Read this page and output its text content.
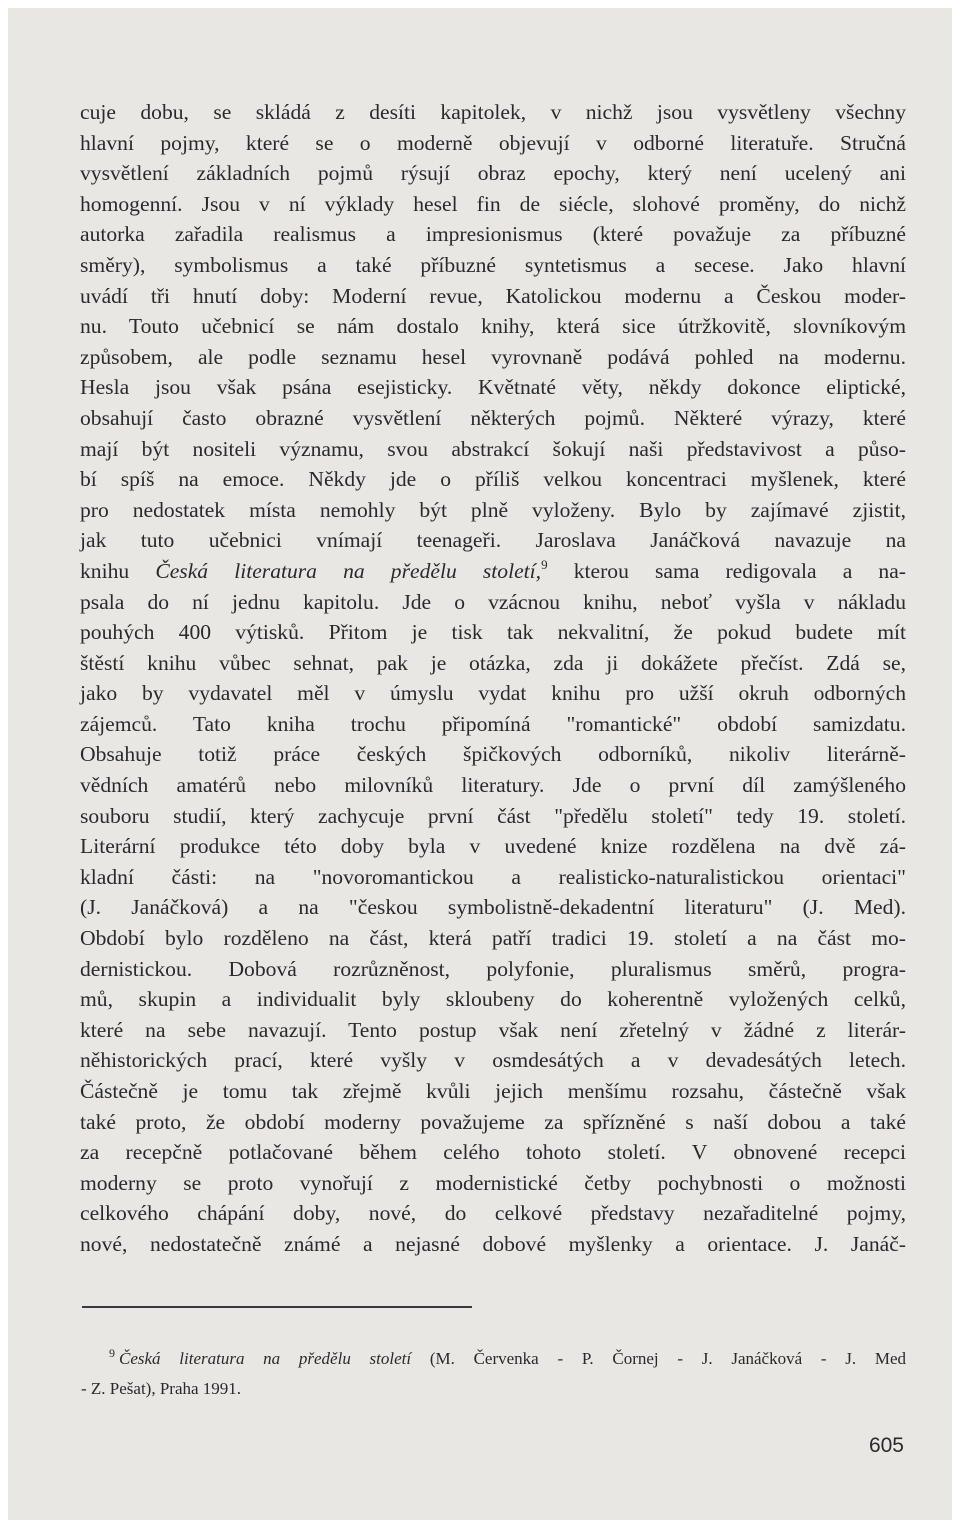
cuje dobu, se skládá z desíti kapitolek, v nichž jsou vysvětleny všechny
hlavní pojmy, které se o moderně objevují v odborné literatuře. Stručná
vysvětlení základních pojmů rýsují obraz epochy, který není ucelený ani
homogenní. Jsou v ní výklady hesel fin de siécle, slohové proměny, do nichž
autorka zařadila realismus a impresionismus (které považuje za příbuzné
směry), symbolismus a také příbuzné syntetismus a secese. Jako hlavní
uvádí tři hnutí doby: Moderní revue, Katolickou modernu a Českou moder-
nu. Touto učebnicí se nám dostalo knihy, která sice útržkovitě, slovníkovým
způsobem, ale podle seznamu hesel vyrovnaně podává pohled na modernu.
Hesla jsou však psána esejisticky. Květnaté věty, někdy dokonce eliptické,
obsahují často obrazné vysvětlení některých pojmů. Některé výrazy, které
mají být nositeli významu, svou abstrakcí šokují naši představivost a půso-
bí spíš na emoce. Někdy jde o příliš velkou koncentraci myšlenek, které
pro nedostatek místa nemohly být plně vyloženy. Bylo by zajímavé zjistit,
jak tuto učebnici vnímají teenageři. Jaroslava Janáčková navazuje na
knihu Česká literatura na předělu století,$^9$ kterou sama redigovala a na-
psala do ní jednu kapitolu. Jde o vzácnou knihu, neboť vyšla v nákladu
pouhých 400 výtisků. Přitom je tisk tak nekvalitní, že pokud budete mít
štěstí knihu vůbec sehnat, pak je otázka, zda ji dokážete přečíst. Zdá se,
jako by vydavatel měl v úmyslu vydat knihu pro užší okruh odborných
zájemců. Tato kniha trochu připomíná "romantické" období samizdatu.
Obsahuje totiž práce českých špičkových odborníků, nikoliv literárně-
vědních amatérů nebo milovníků literatury. Jde o první díl zamýšleného
souboru studií, který zachycuje první část "předělu století" tedy 19. století.
Literární produkce této doby byla v uvedené knize rozdělena na dvě zá-
kladní části: na "novoromantickou a realisticko-naturalistickou orientaci"
(J. Janáčková) a na "českou symbolistně-dekadentní literaturu" (J. Med).
Období bylo rozděleno na část, která patří tradici 19. století a na část mo-
dernistickou. Dobová rozrůzněnost, polyfonie, pluralismus směrů, progra-
mů, skupin a individualit byly skloubeny do koherentně vyložených celků,
které na sebe navazují. Tento postup však není zřetelný v žádné z literár-
něhistorických prací, které vyšly v osmdesátých a v devadesátých letech.
Částečně je tomu tak zřejmě kvůli jejich menšímu rozsahu, částečně však
také proto, že období moderny považujeme za spřízněné s naší dobou a také
za recepčně potlačované během celého tohoto století. V obnovené recepci
moderny se proto vynořují z modernistické četby pochybnosti o možnosti
celkového chápání doby, nové, do celkové představy nezařaditelné pojmy,
nové, nedostatečně známé a nejasné dobové myšlenky a orientace. J. Janáč-
$^9$ Česká literatura na předělu století (M. Červenka - P. Čornej - J. Janáčková - J. Med
- Z. Pešat), Praha 1991.
605
